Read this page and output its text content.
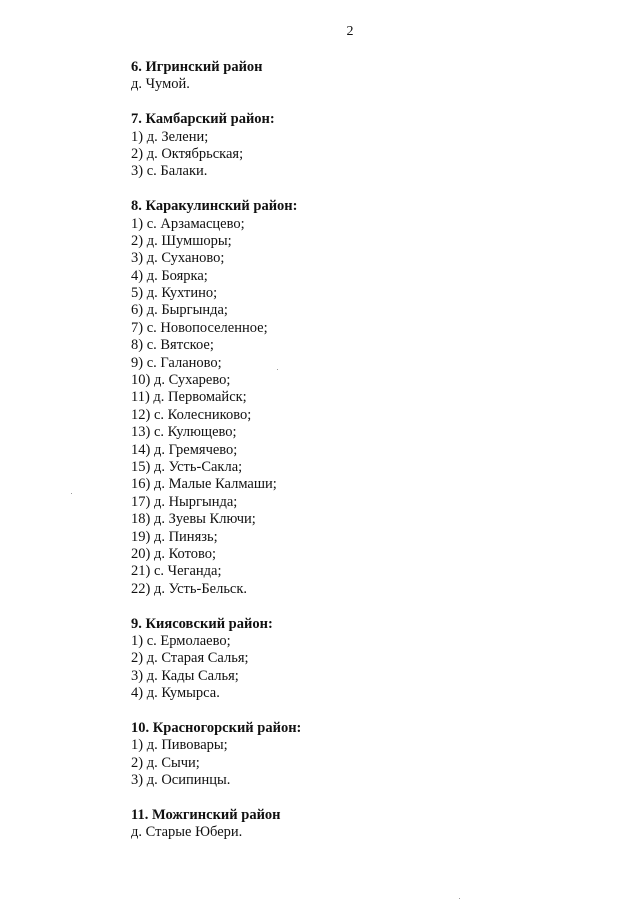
2
6. Игринский район
д. Чумой.
7. Камбарский район:
1) д. Зелени;
2) д. Октябрьская;
3) с. Балаки.
8. Каракулинский район:
1) с. Арзамасцево;
2) д. Шумшоры;
3) д. Суханово;
4) д. Боярка;
5) д. Кухтино;
6) д. Быргында;
7) с. Новопоселенное;
8) с. Вятское;
9) с. Галаново;
10) д. Сухарево;
11) д. Первомайск;
12) с. Колесниково;
13) с. Кулющево;
14) д. Гремячево;
15) д. Усть-Сакла;
16) д. Малые Калмаши;
17) д. Ныргында;
18) д. Зуевы Ключи;
19) д. Пинязь;
20) д. Котово;
21) с. Чеганда;
22) д. Усть-Бельск.
9. Киясовский район:
1) с. Ермолаево;
2) д. Старая Салья;
3) д. Кады Салья;
4) д. Кумырса.
10. Красногорский район:
1) д. Пивовары;
2) д. Сычи;
3) д. Осипинцы.
11. Можгинский район
д. Старые Юбери.
